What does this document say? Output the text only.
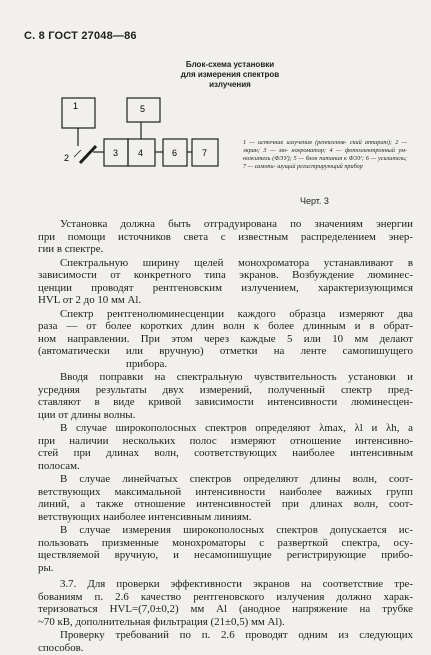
С. 8 ГОСТ 27048—86
Блок-схема установки
для измерения спектров
излучения
1
2	3 4
5
6	7
1 — источник излучения (рентгенов- ский аппарат); 2 — экран; 3 — мо- нохроматор; 4 — фотоэлектронный ум- ножитель (ФЭУ); 5 — блок питания к ФЭУ; 6 — усилитель; 7 — самопи- шущий регистрирующий прибор
Черт. 3

Установка должна быть отградуирована по значениям энергии
при помощи источников света с известным распределением энер-
гии в спектре.

Спектральную ширину щелей монохроматора устанавливают в
зависимости от конкретного типа экранов. Возбуждение люминес-
ценции проводят рентгеновским излучением, характеризующимся
HVL от 2 до 10 мм Al.

Спектр рентгенолюминесценции каждого образца измеряют два
раза — от более коротких длин волн к более длинным и в обрат-
ном направлении. При этом через каждые 5 или 10 мм делают
(автоматически или вручную) отметки на ленте самопишущего
прибора.

Вводя поправки на спектральную чувствительность установки и
усредняя результаты двух измерений, полученный спектр пред-
ставляют в виде кривой зависимости интенсивности люминесцен-
ции от длины волны.

В случае широкополосных спектров определяют λmax, λl и λh, а
при наличии нескольких полос измеряют отношение интенсивно-
стей при длинах волн, соответствующих наиболее интенсивным
полосам.

В случае линейчатых спектров определяют длины волн, соот-
ветствующих максимальной интенсивности наиболее важных групп
линий, а также отношение интенсивностей при длинах волн, соот-
ветствующих наиболее интенсивным линиям.

В случае измерения широкополосных спектров допускается ис-
пользовать призменные монохроматоры с разверткой спектра, осу-
ществляемой вручную, и несамопишущие регистрирующие прибо-
ры.

3.7. Для проверки эффективности экранов на соответствие тре-
бованиям п. 2.6 качество рентгеновского излучения должно харак-
теризоваться HVL=(7,0±0,2) мм Al (анодное напряжение на трубке
~70 кВ, дополнительная фильтрация (21±0,5) мм Al).

Проверку требований по п. 2.6 проводят одним из следующих
способов.
